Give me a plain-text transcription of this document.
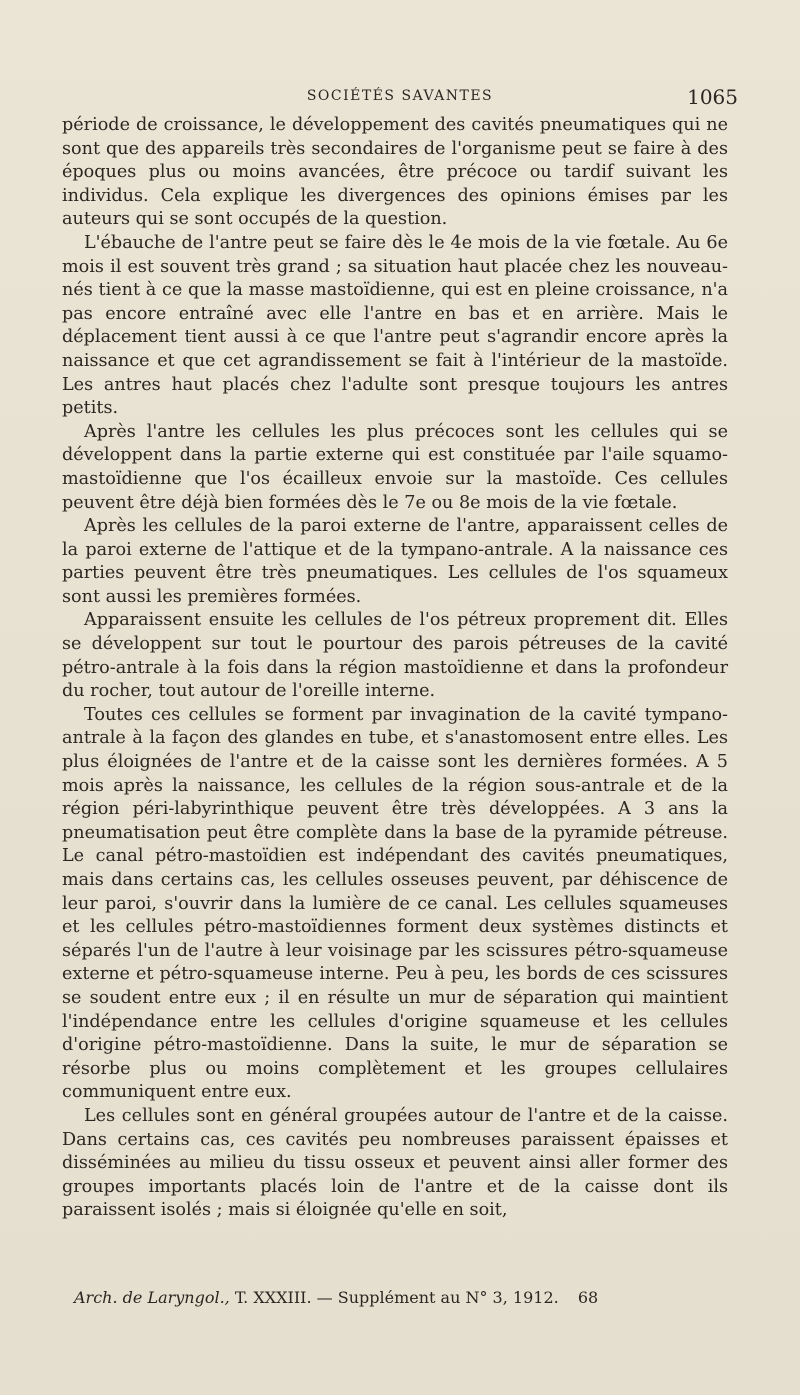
SOCIÉTÉS SAVANTES	1065

période de croissance, le développement des cavités pneumatiques qui ne sont que des appareils très secondaires de l'organisme peut se faire à des époques plus ou moins avancées, être précoce ou tardif suivant les individus. Cela explique les divergences des opinions émises par les auteurs qui se sont occupés de la question.

L'ébauche de l'antre peut se faire dès le 4e mois de la vie fœtale. Au 6e mois il est souvent très grand ; sa situation haut placée chez les nouveau-nés tient à ce que la masse mastoïdienne, qui est en pleine croissance, n'a pas encore entraîné avec elle l'antre en bas et en arrière. Mais le déplacement tient aussi à ce que l'antre peut s'agrandir encore après la naissance et que cet agrandissement se fait à l'intérieur de la mastoïde. Les antres haut placés chez l'adulte sont presque toujours les antres petits.

Après l'antre les cellules les plus précoces sont les cellules qui se développent dans la partie externe qui est constituée par l'aile squamo-mastoïdienne que l'os écailleux envoie sur la mastoïde. Ces cellules peuvent être déjà bien formées dès le 7e ou 8e mois de la vie fœtale.

Après les cellules de la paroi externe de l'antre, apparaissent celles de la paroi externe de l'attique et de la tympano-antrale. A la naissance ces parties peuvent être très pneumatiques. Les cellules de l'os squameux sont aussi les premières formées.

Apparaissent ensuite les cellules de l'os pétreux proprement dit. Elles se développent sur tout le pourtour des parois pétreuses de la cavité pétro-antrale à la fois dans la région mastoïdienne et dans la profondeur du rocher, tout autour de l'oreille interne.

Toutes ces cellules se forment par invagination de la cavité tympano-antrale à la façon des glandes en tube, et s'anastomosent entre elles. Les plus éloignées de l'antre et de la caisse sont les dernières formées. A 5 mois après la naissance, les cellules de la région sous-antrale et de la région péri-labyrinthique peuvent être très développées. A 3 ans la pneumatisation peut être complète dans la base de la pyramide pétreuse. Le canal pétro-mastoïdien est indépendant des cavités pneumatiques, mais dans certains cas, les cellules osseuses peuvent, par déhiscence de leur paroi, s'ouvrir dans la lumière de ce canal. Les cellules squameuses et les cellules pétro-mastoïdiennes forment deux systèmes distincts et séparés l'un de l'autre à leur voisinage par les scissures pétro-squameuse externe et pétro-squameuse interne. Peu à peu, les bords de ces scissures se soudent entre eux ; il en résulte un mur de séparation qui maintient l'indépendance entre les cellules d'origine squameuse et les cellules d'origine pétro-mastoïdienne. Dans la suite, le mur de séparation se résorbe plus ou moins complètement et les groupes cellulaires communiquent entre eux.

Les cellules sont en général groupées autour de l'antre et de la caisse. Dans certains cas, ces cavités peu nombreuses paraissent épaisses et disséminées au milieu du tissu osseux et peuvent ainsi aller former des groupes importants placés loin de l'antre et de la caisse dont ils paraissent isolés ; mais si éloignée qu'elle en soit,

Arch. de Laryngol., T. XXXIII. — Supplément au N° 3, 1912. 68
